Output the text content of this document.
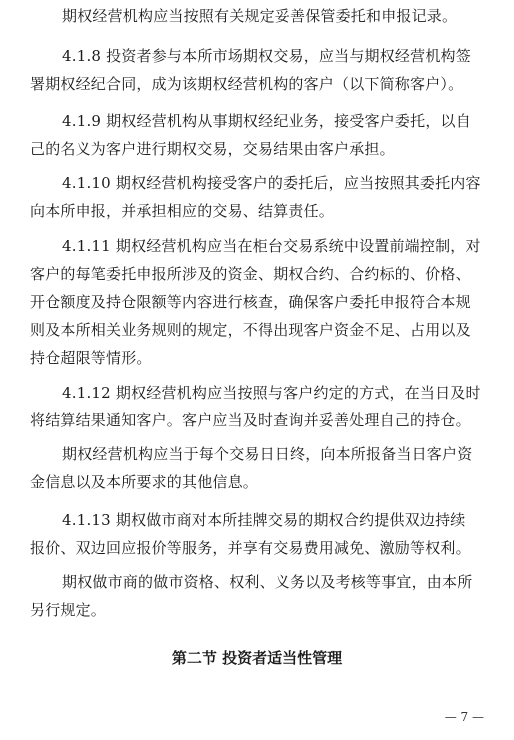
期权经营机构应当按照有关规定妥善保管委托和申报记录。
4.1.8 投资者参与本所市场期权交易，应当与期权经营机构签
署期权经纪合同，成为该期权经营机构的客户（以下简称客户）。
4.1.9 期权经营机构从事期权经纪业务，接受客户委托，以自
己的名义为客户进行期权交易，交易结果由客户承担。
4.1.10 期权经营机构接受客户的委托后，应当按照其委托内容
向本所申报，并承担相应的交易、结算责任。
4.1.11 期权经营机构应当在柜台交易系统中设置前端控制，对
客户的每笔委托申报所涉及的资金、期权合约、合约标的、价格、
开仓额度及持仓限额等内容进行核查，确保客户委托申报符合本规
则及本所相关业务规则的规定，不得出现客户资金不足、占用以及
持仓超限等情形。
4.1.12 期权经营机构应当按照与客户约定的方式，在当日及时
将结算结果通知客户。客户应当及时查询并妥善处理自己的持仓。
期权经营机构应当于每个交易日日终，向本所报备当日客户资
金信息以及本所要求的其他信息。
4.1.13 期权做市商对本所挂牌交易的期权合约提供双边持续
报价、双边回应报价等服务，并享有交易费用减免、激励等权利。
期权做市商的做市资格、权利、义务以及考核等事宜，由本所
另行规定。
第二节 投资者适当性管理
— 7 —
